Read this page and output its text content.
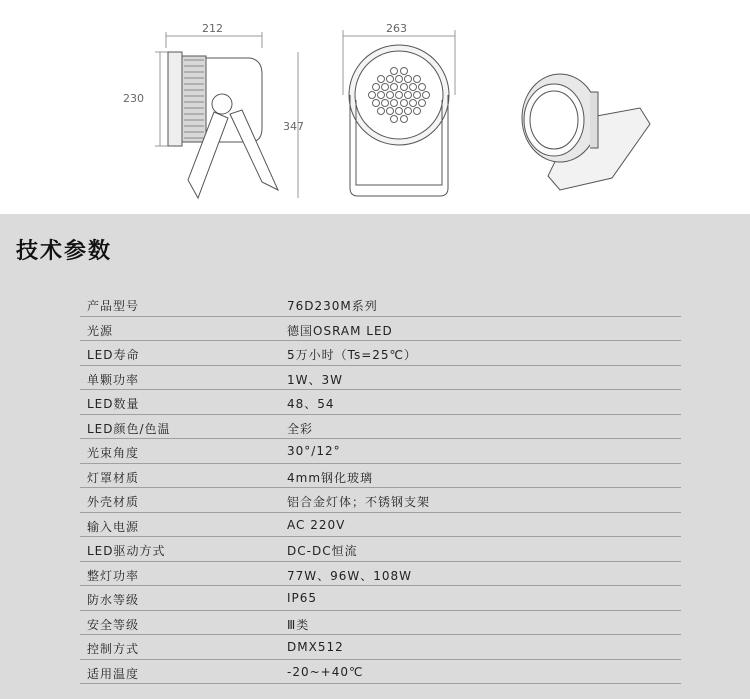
212
230
263
347
技术参数
产品型号	76D230M系列
光源	德国OSRAM LED
LED寿命	5万小时（Ts=25℃）
单颗功率	1W、3W
LED数量	48、54
LED颜色/色温	全彩
光束角度	30°/12°
灯罩材质	4mm钢化玻璃
外壳材质	铝合金灯体；不锈钢支架
输入电源	AC 220V
LED驱动方式	DC-DC恒流
整灯功率	77W、96W、108W
防水等级	IP65
安全等级	Ⅲ类
控制方式	DMX512
适用温度	-20~+40℃
